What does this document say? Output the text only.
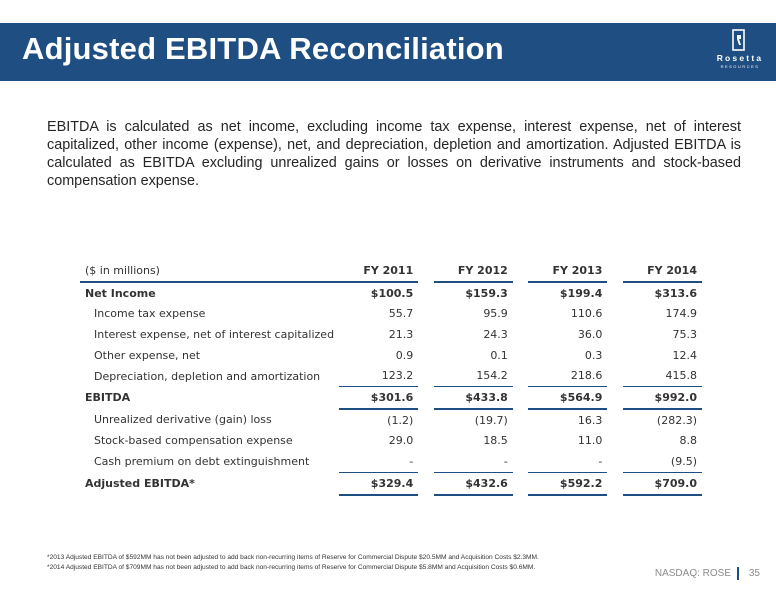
Adjusted EBITDA Reconciliation	Rosetta
RESOURCES
EBITDA is calculated as net income, excluding income tax expense, interest expense, net of interest capitalized, other income (expense), net, and depreciation, depletion and amortization. Adjusted EBITDA is calculated as EBITDA excluding unrealized gains or losses on derivative instruments and stock-based compensation expense.
($ in millions)	FY 2011		FY 2012		FY 2013		FY 2014
Net Income	$100.5		$159.3		$199.4		$313.6
Income tax expense	55.7		95.9		110.6		174.9
Interest expense, net of interest capitalized	21.3		24.3		36.0		75.3
Other expense, net	0.9		0.1		0.3		12.4
Depreciation, depletion and amortization	123.2		154.2		218.6		415.8
EBITDA	$301.6		$433.8		$564.9		$992.0
Unrealized derivative (gain) loss	(1.2)		(19.7)		16.3		(282.3)
Stock-based compensation expense	29.0		18.5		11.0		8.8
Cash premium on debt extinguishment	-		-		-		(9.5)
Adjusted EBITDA*	$329.4		$432.6		$592.2		$709.0
*2013 Adjusted EBITDA of $592MM has not been adjusted to add back non-recurring items of Reserve for Commercial Dispute $20.5MM and Acquisition Costs $2.3MM.
*2014 Adjusted EBITDA of $709MM has not been adjusted to add back non-recurring items of Reserve for Commercial Dispute $5.8MM and Acquisition Costs $0.6MM.
NASDAQ: ROSE	35
